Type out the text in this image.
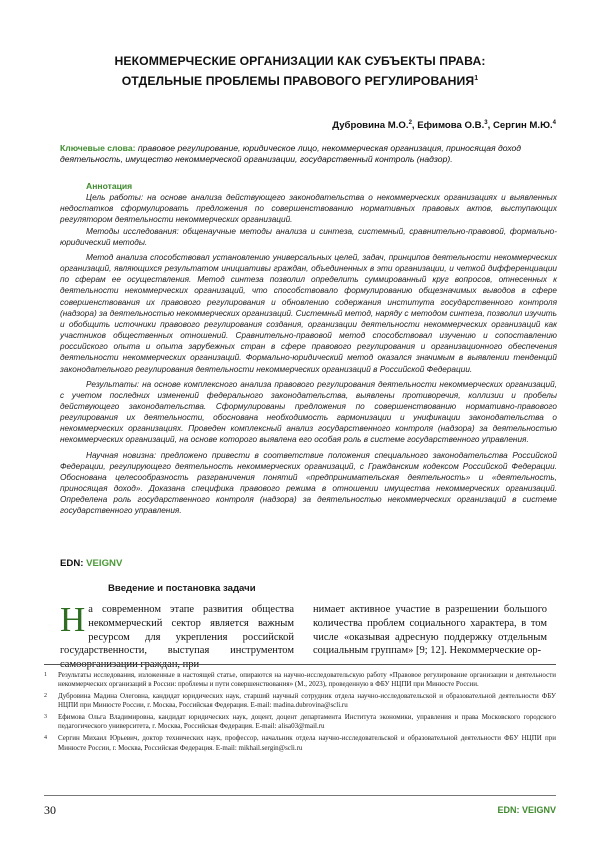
НЕКОММЕРЧЕСКИЕ ОРГАНИЗАЦИИ КАК СУБЪЕКТЫ ПРАВА:
ОТДЕЛЬНЫЕ ПРОБЛЕМЫ ПРАВОВОГО РЕГУЛИРОВАНИЯ$^1$
Дубровина М.О.$^2$, Ефимова О.В.$^3$, Сергин М.Ю.$^4$

Ключевые слова: правовое регулирование, юридическое лицо, некоммерческая организация, приносящая доход деятельность, имущество некоммерческой организации, государственный контроль (надзор).

Аннотация

Цель работы: на основе анализа действующего законодательства о некоммерческих организациях и выявленных недостатков сформулировать предложения по совершенствованию нормативных правовых актов, выступающих регулятором деятельности некоммерческих организаций.

Методы исследования: общенаучные методы анализа и синтеза, системный, сравнительно-правовой, формально-юридический методы.

Метод анализа способствовал установлению универсальных целей, задач, принципов деятельности некоммерческих организаций, являющихся результатом инициативы граждан, объединенных в эти организации, и четкой дифференциации по сферам ее осуществления. Метод синтеза позволил определить суммированный круг вопросов, отнесенных к деятельности некоммерческих организаций, что способствовало формулированию общезначимых выводов в сфере совершенствования их правового регулирования и обновлению содержания института государственного контроля (надзора) за деятельностью некоммерческих организаций. Системный метод, наряду с методом синтеза, позволил изучить и обобщить источники правового регулирования создания, организации деятельности некоммерческих организаций как участников общественных отношений. Сравнительно-правовой метод способствовал изучению и сопоставлению российского опыта и опыта зарубежных стран в сфере правового регулирования и организационного обеспечения деятельности некоммерческих организаций. Формально-юридический метод оказался значимым в выявлении тенденций законодательного регулирования деятельности некоммерческих организаций в Российской Федерации.

Результаты: на основе комплексного анализа правового регулирования деятельности некоммерческих организаций, с учетом последних изменений федерального законодательства, выявлены противоречия, коллизии и пробелы действующего законодательства. Сформулированы предложения по совершенствованию нормативно-правового регулирования их деятельности, обоснована необходимость гармонизации и унификации законодательства о некоммерческих организациях. Проведен комплексный анализ государственного контроля (надзора) за деятельностью некоммерческих организаций, на основе которого выявлена его особая роль в системе государственного управления.

Научная новизна: предложено привести в соответствие положения специального законодательства Российской Федерации, регулирующего деятельность некоммерческих организаций, с Гражданским кодексом Российской Федерации. Обоснована целесообразность разграничения понятий «предпринимательская деятельность» и «деятельность, приносящая доход». Доказана специфика правового режима в отношении имущества некоммерческих организаций. Определена роль государственного контроля (надзора) за деятельностью некоммерческих организаций в системе государственного управления.

EDN: VEIGNV
Введение и постановка задачи

Н а современном этапе развития общества некоммерческий сектор является важным ресурсом для укрепления российской государственности, выступая инструментом самоорганизации граждан, при-

нимает активное участие в разрешении большого количества проблем социального характера, в том числе «оказывая адресную поддержку отдельным социальным группам» [9; 12]. Некоммерческие ор-

1	Результаты исследования, изложенные в настоящей статье, опираются на научно-исследовательскую работу «Правовое регулирование организации и деятельности некоммерческих организаций в России: проблемы и пути совершенствования» (М., 2023), проведенную в ФБУ НЦПИ при Минюсте России.
2	Дубровина Мадина Олеговна, кандидат юридических наук, старший научный сотрудник отдела научно-исследовательской и образовательной деятельности ФБУ НЦПИ при Минюсте России, г. Москва, Российская Федерация. E-mail: madina.dubrovina@scli.ru
3	Ефимова Ольга Владимировна, кандидат юридических наук, доцент, доцент департамента Института экономики, управления и права Московского городского педагогического университета, г. Москва, Российская Федерация. E-mail: alisa03@mail.ru
4	Сергин Михаил Юрьевич, доктор технических наук, профессор, начальник отдела научно-исследовательской и образовательной деятельности ФБУ НЦПИ при Минюсте России, г. Москва, Российская Федерация. E-mail: mikhail.sergin@scli.ru
30	EDN: VEIGNV
